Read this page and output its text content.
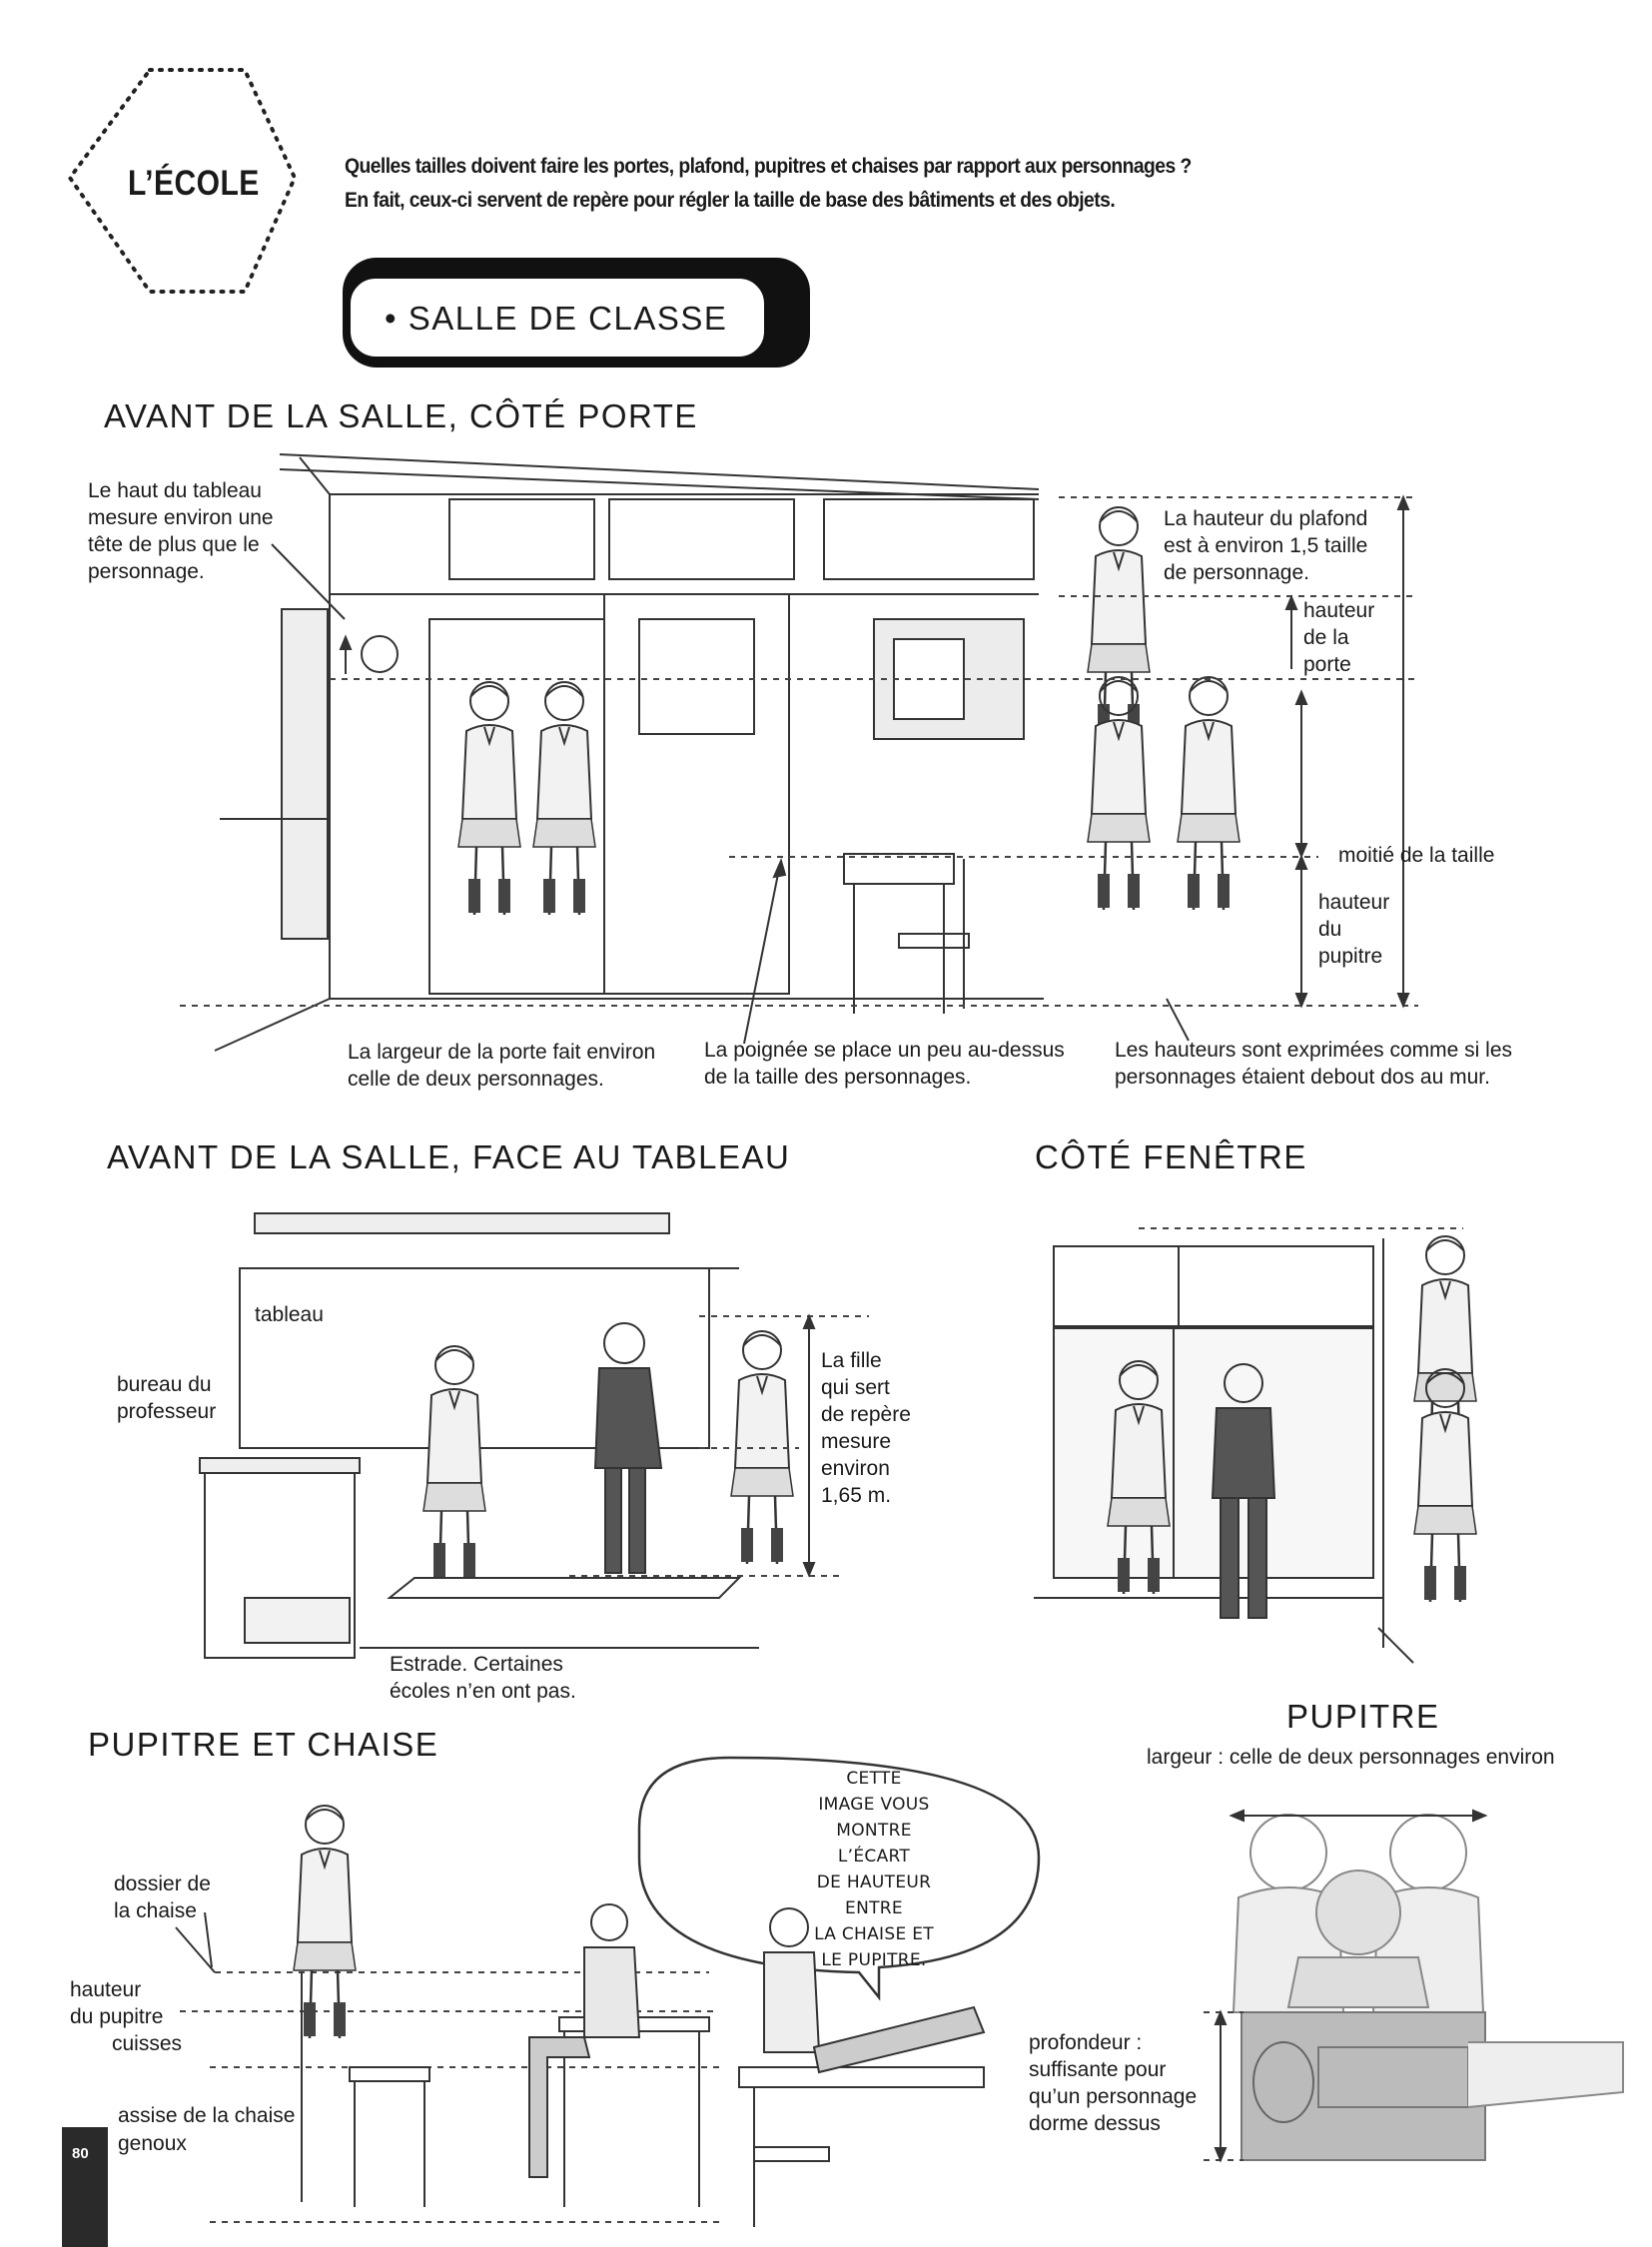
L’ÉCOLE	Quelles tailles doivent faire les portes, plafond, pupitres et chaises par rapport aux personnages ?
En fait, ceux-ci servent de repère pour régler la taille de base des bâtiments et des objets.
• SALLE DE CLASSE
AVANT DE LA SALLE, CÔTÉ PORTE
AVANT DE LA SALLE, FACE AU TABLEAU	CÔTÉ FENÊTRE
PUPITRE ET CHAISE
PUPITRE
Le haut du tableau
mesure environ une
tête de plus que le
personnage.
La hauteur du plafond
est à environ 1,5 taille
de personnage.
hauteur
de la
porte
moitié de la taille
hauteur
du
pupitre
La largeur de la porte fait environ
celle de deux personnages.
La poignée se place un peu au-dessus
de la taille des personnages.
Les hauteurs sont exprimées comme si les
personnages étaient debout dos au mur.
tableau
bureau du
professeur
La fille
qui sert
de repère
mesure
environ
1,65 m.
Estrade. Certaines
écoles n’en ont pas.
dossier de
la chaise
hauteur
du pupitre
cuisses
assise de la chaise
genoux
CETTE
IMAGE VOUS
MONTRE L’ÉCART
DE HAUTEUR ENTRE
LA CHAISE ET
LE PUPITRE.
largeur : celle de deux personnages environ
profondeur :
suffisante pour
qu’un personnage
dorme dessus
80
